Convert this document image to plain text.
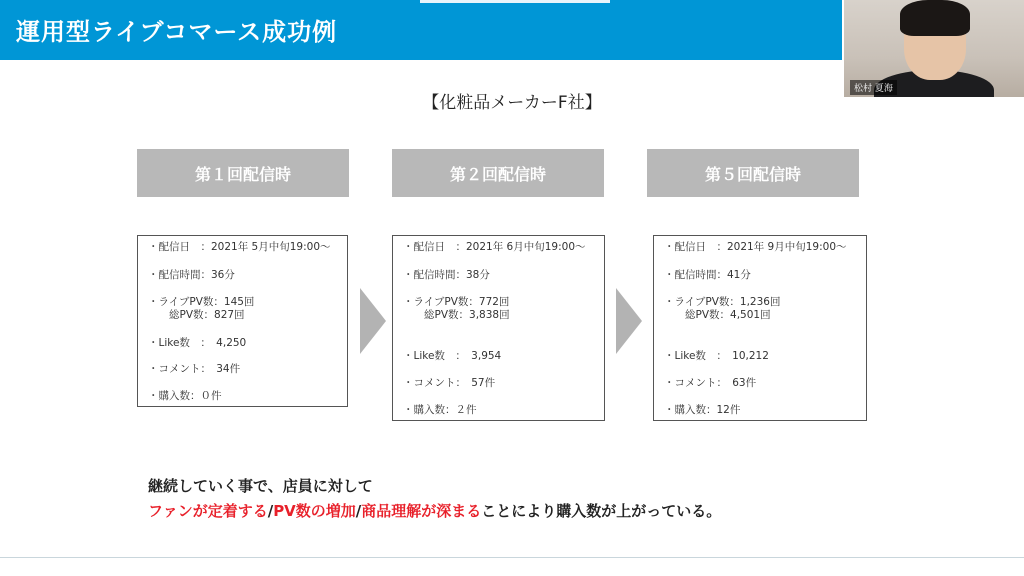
運用型ライブコマース成功例
松村 夏海
【化粧品メーカーF社】
第１回配信時	第２回配信時	第５回配信時
・配信日　：2021年 5月中旬19:00〜
・配信時間：36分
・ライブPV数：145回
　　総PV数：827回
・Like数　：　4,250
・コメント：　34件
・購入数：０件
・配信日　：2021年 6月中旬19:00〜
・配信時間：38分
・ライブPV数：772回
　　総PV数：3,838回
・Like数　：　3,954
・コメント：　57件
・購入数：２件
・配信日　：2021年 9月中旬19:00〜
・配信時間：41分
・ライブPV数：1,236回
　　総PV数：4,501回
・Like数　：　10,212
・コメント：　63件
・購入数：12件
継続していく事で、店員に対して
ファンが定着する/PV数の増加/商品理解が深まることにより購入数が上がっている。
